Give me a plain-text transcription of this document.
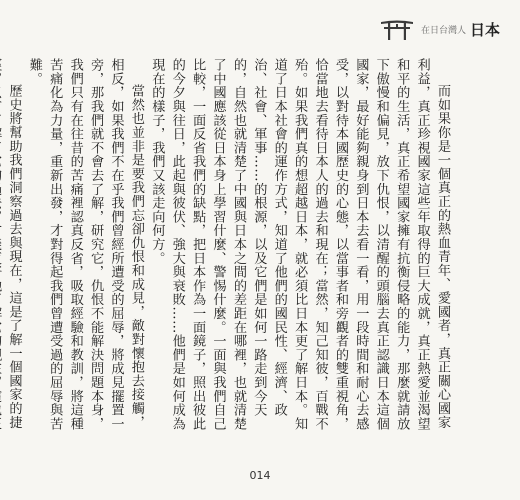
在日台灣人 日本

而如果你是一個真正的熱血青年、愛國者，真正關心國家利益，真正珍視國家這些年取得的巨大成就，真正熱愛並渴望和平的生活，真正希望國家擁有抗衡侵略的能力，那麼就請放下傲慢和偏見，放下仇恨，以清醒的頭腦去真正認識日本這個國家，最好能夠親身到日本去看一看，用一段時間和耐心去感受，以對待本國歷史的心態，以當事者和旁觀者的雙重視角，恰當地去看待日本人的過去和現在；當然，知己知彼，百戰不殆。如果我們真的想超越日本，就必須比日本更了解日本。知道了日本社會的運作方式，知道了他們的國民性、經濟、政治、社會、軍事……的根源，以及它們是如何一路走到今天的，自然也就清楚了中國與日本之間的差距在哪裡，也就清楚了中國應該從日本身上學習什麼、警惕什麼。一面與我們自己比較，一面反省我們的缺點，把日本作為一面鏡子，照出彼此的今夕與往日，此起與彼伏、強大與衰敗……他們是如何成為現在的樣子，我們又該走向何方。

當然也並非是要我們忘卻仇恨和成見，敵對懷抱去接觸，相反，如果我們不在乎我們曾經所遭受的屈辱，將成見擺置一旁，那我們就不會去了解，研究它，仇恨不能解決問題本身，我們只有在往昔的苦痛裡認真反省，吸取經驗和教訓，將這種苦痛化為力量，重新出發，才對得起我們曾遭受過的屈辱與苦難。

歷史將幫助我們洞察過去與現在，這是了解一個國家的捷

014
